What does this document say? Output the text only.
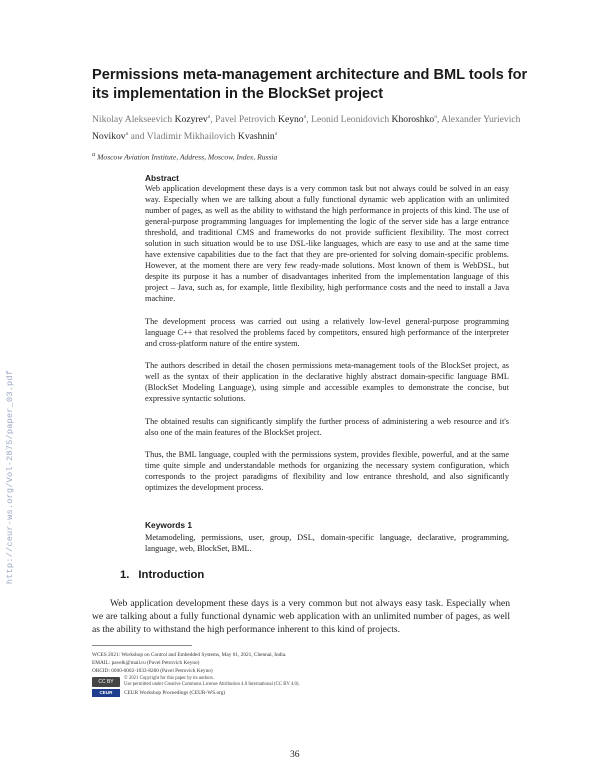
Permissions meta-management architecture and BML tools for its implementation in the BlockSet project
Nikolay Alekseevich Kozyrev$^a$, Pavel Petrovich Keyno$^a$, Leonid Leonidovich Khoroshko$^a$, Alexander Yurievich Novikov$^a$ and Vladimir Mikhailovich Kvashnin$^a$
$^a$ Moscow Aviation Institute, Address, Moscow, Index, Russia
Abstract

Web application development these days is a very common task but not always could be solved in an easy way. Especially when we are talking about a fully functional dynamic web application with an unlimited number of pages, as well as the ability to withstand the high performance in projects of this kind. The use of general-purpose programming languages for implementing the logic of the server side has a large entrance threshold, and traditional CMS and frameworks do not provide sufficient flexibility. The most correct solution in such situation would be to use DSL-like languages, which are easy to use and at the same time have extensive capabilities due to the fact that they are pre-oriented for solving domain-specific problems. However, at the moment there are very few ready-made solutions. Most known of them is WebDSL, but despite its purpose it has a number of disadvantages inherited from the implementation language of this project – Java, such as, for example, little flexibility, high performance costs and the need to install a Java machine.

The development process was carried out using a relatively low-level general-purpose programming language C++ that resolved the problems faced by competitors, ensured high performance of the interpreter and cross-platform nature of the entire system.

The authors described in detail the chosen permissions meta-management tools of the BlockSet project, as well as the syntax of their application in the declarative highly abstract domain-specific language BML (BlockSet Modeling Language), using simple and accessible examples to demonstrate the concise, but expressive syntactic solutions.

The obtained results can significantly simplify the further process of administering a web resource and it's also one of the main features of the BlockSet project.

Thus, the BML language, coupled with the permissions system, provides flexible, powerful, and at the same time quite simple and understandable methods for organizing the necessary system configuration, which corresponds to the project paradigms of flexibility and low entrance threshold, and also significantly optimizes the development process.

Keywords 1
Metamodeling, permissions, user, group, DSL, domain-specific language, declarative, programming, language, web, BlockSet, BML.
1. Introduction

Web application development these days is a very common but not always easy task. Especially when we are talking about a fully functional dynamic web application with an unlimited number of pages, as well as the ability to withstand the high performance inherent to this kind of projects.

WCES 2021: Workshop on Control and Embedded Systems, May 01, 2021, Chennai, India.
EMAIL: pavelk@mail.ru (Pavel Petrovich Keyno)
ORCID: 0000-0002-1033-8260 (Pavel Petrovich Keyno)
CC BY
© 2021 Copyright for this paper by its authors.
Use permitted under Creative Commons License Attribution 4.0 International (CC BY 4.0).
CEUR	CEUR Workshop Proceedings (CEUR-WS.org)
36
http://ceur-ws.org/Vol-2875/paper_03.pdf
